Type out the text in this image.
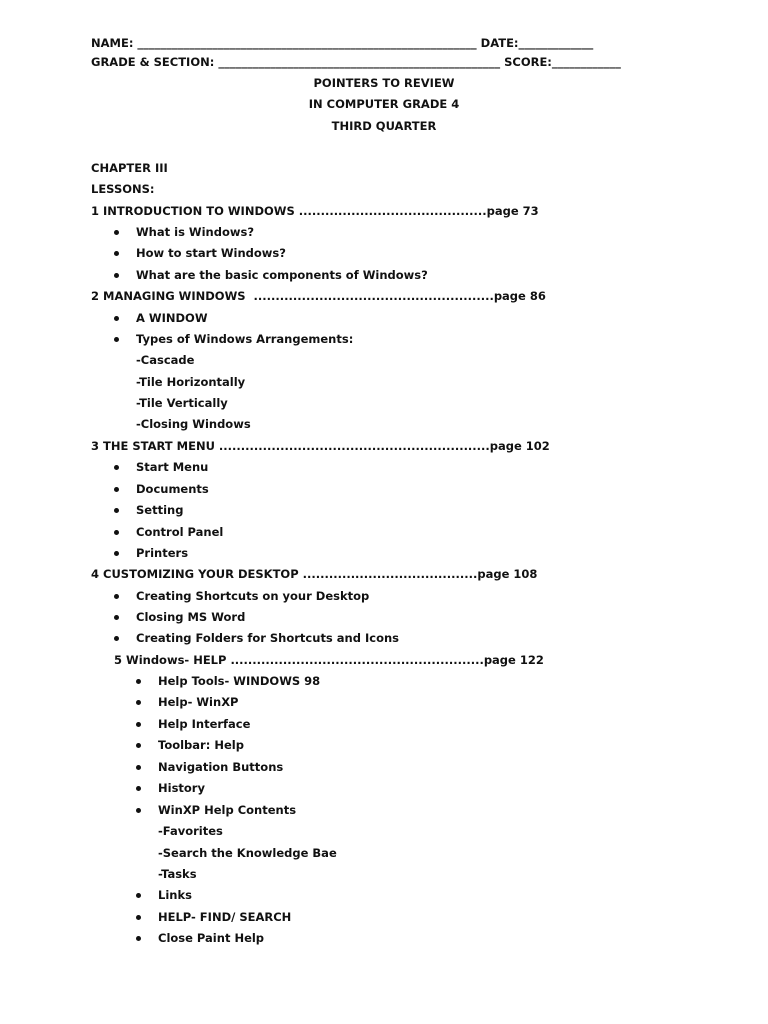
NAME: ___________________________________________________________ DATE:_____________
GRADE & SECTION: _________________________________________________ SCORE:____________
POINTERS TO REVIEW
IN COMPUTER GRADE 4
THIRD QUARTER
CHAPTER III
LESSONS:
1 INTRODUCTION TO WINDOWS ...........................................page 73
What is Windows?
How to start Windows?
What are the basic components of Windows?
2 MANAGING WINDOWS  .......................................................page 86
A WINDOW
Types of Windows Arrangements:
-Cascade
-Tile Horizontally
-Tile Vertically
-Closing Windows
3 THE START MENU ..............................................................page 102
Start Menu
Documents
Setting
Control Panel
Printers
4 CUSTOMIZING YOUR DESKTOP ........................................page 108
Creating Shortcuts on your Desktop
Closing MS Word
Creating Folders for Shortcuts and Icons
5 Windows- HELP ..........................................................page 122
Help Tools- WINDOWS 98
Help- WinXP
Help Interface
Toolbar: Help
Navigation Buttons
History
WinXP Help Contents
-Favorites
-Search the Knowledge Bae
-Tasks
Links
HELP- FIND/ SEARCH
Close Paint Help
